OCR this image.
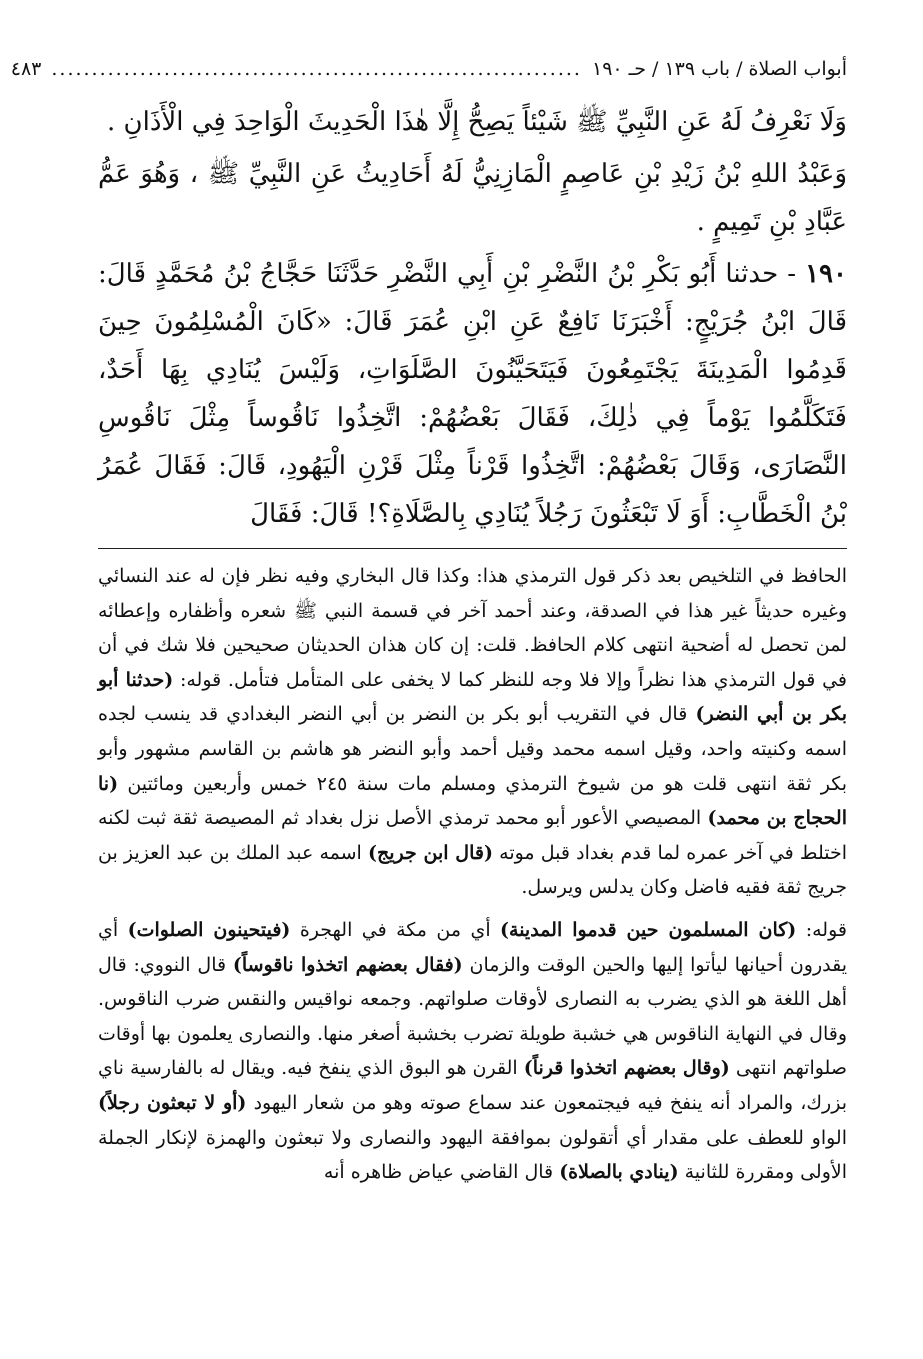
أبواب الصلاة / باب ١٣٩ / حـ ١٩٠
..................................................................
٤٨٣

وَلَا نَعْرِفُ لَهُ عَنِ النَّبِيِّ ﷺ شَيْئاً يَصِحُّ إِلَّا هٰذَا الْحَدِيثَ الْوَاحِدَ فِي الْأَذَانِ .

وَعَبْدُ اللهِ بْنُ زَيْدِ بْنِ عَاصِمٍ الْمَازِنِيُّ لَهُ أَحَادِيثُ عَنِ النَّبِيِّ ﷺ ، وَهُوَ عَمُّ عَبَّادِ بْنِ تَمِيمٍ .

١٩٠ - حدثنا أَبُو بَكْرِ بْنُ النَّضْرِ بْنِ أَبِي النَّضْرِ حَدَّثَنَا حَجَّاجُ بْنُ مُحَمَّدٍ قَالَ: قَالَ ابْنُ جُرَيْجٍ: أَخْبَرَنَا نَافِعٌ عَنِ ابْنِ عُمَرَ قَالَ: «كَانَ الْمُسْلِمُونَ حِينَ قَدِمُوا الْمَدِينَةَ يَجْتَمِعُونَ فَيَتَحَيَّنُونَ الصَّلَوَاتِ، وَلَيْسَ يُنَادِي بِهَا أَحَدٌ، فَتَكَلَّمُوا يَوْماً فِي ذٰلِكَ، فَقَالَ بَعْضُهُمْ: اتَّخِذُوا نَاقُوساً مِثْلَ نَاقُوسِ النَّصَارَى، وَقَالَ بَعْضُهُمْ: اتَّخِذُوا قَرْناً مِثْلَ قَرْنِ الْيَهُودِ، قَالَ: فَقَالَ عُمَرُ بْنُ الْخَطَّابِ: أَوَ لَا تَبْعَثُونَ رَجُلاً يُنَادِي بِالصَّلَاةِ؟! قَالَ: فَقَالَ

الحافظ في التلخيص بعد ذكر قول الترمذي هذا: وكذا قال البخاري وفيه نظر فإن له عند النسائي وغيره حديثاً غير هذا في الصدقة، وعند أحمد آخر في قسمة النبي ﷺ شعره وأظفاره وإعطائه لمن تحصل له أضحية انتهى كلام الحافظ. قلت: إن كان هذان الحديثان صحيحين فلا شك في أن في قول الترمذي هذا نظراً وإلا فلا وجه للنظر كما لا يخفى على المتأمل فتأمل. قوله: (حدثنا أبو بكر بن أبي النضر) قال في التقريب أبو بكر بن النضر بن أبي النضر البغدادي قد ينسب لجده اسمه وكنيته واحد، وقيل اسمه محمد وقيل أحمد وأبو النضر هو هاشم بن القاسم مشهور وأبو بكر ثقة انتهى قلت هو من شيوخ الترمذي ومسلم مات سنة ٢٤٥ خمس وأربعين ومائتين (نا الحجاج بن محمد) المصيصي الأعور أبو محمد ترمذي الأصل نزل بغداد ثم المصيصة ثقة ثبت لكنه اختلط في آخر عمره لما قدم بغداد قبل موته (قال ابن جريج) اسمه عبد الملك بن عبد العزيز بن جريج ثقة فقيه فاضل وكان يدلس ويرسل.

قوله: (كان المسلمون حين قدموا المدينة) أي من مكة في الهجرة (فيتحينون الصلوات) أي يقدرون أحيانها ليأتوا إليها والحين الوقت والزمان (فقال بعضهم اتخذوا ناقوساً) قال النووي: قال أهل اللغة هو الذي يضرب به النصارى لأوقات صلواتهم. وجمعه نواقيس والنقس ضرب الناقوس. وقال في النهاية الناقوس هي خشبة طويلة تضرب بخشبة أصغر منها. والنصارى يعلمون بها أوقات صلواتهم انتهى (وقال بعضهم اتخذوا قرناً) القرن هو البوق الذي ينفخ فيه. ويقال له بالفارسية ناي بزرك، والمراد أنه ينفخ فيه فيجتمعون عند سماع صوته وهو من شعار اليهود (أو لا تبعثون رجلاً) الواو للعطف على مقدار أي أتقولون بموافقة اليهود والنصارى ولا تبعثون والهمزة لإنكار الجملة الأولى ومقررة للثانية (ينادي بالصلاة) قال القاضي عياض ظاهره أنه
